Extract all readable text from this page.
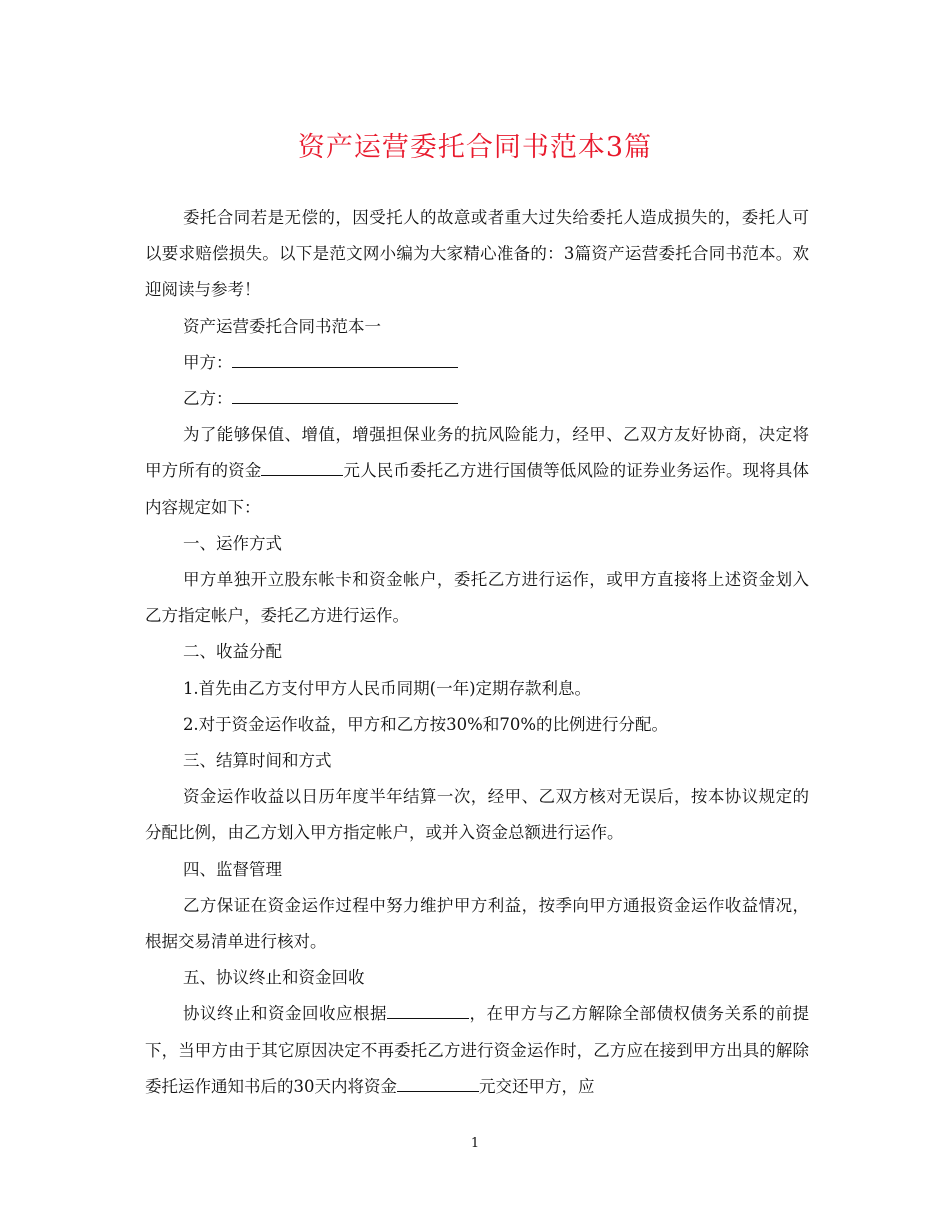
资产运营委托合同书范本3篇

委托合同若是无偿的，因受托人的故意或者重大过失给委托人造成损失的，委托人可以要求赔偿损失。以下是范文网小编为大家精心准备的：3篇资产运营委托合同书范本。欢迎阅读与参考！

资产运营委托合同书范本一

甲方：

乙方：

为了能够保值、增值，增强担保业务的抗风险能力，经甲、乙双方友好协商，决定将甲方所有的资金	元人民币委托乙方进行国债等低风险的证券业务运作。现将具体内容规定如下：

一、运作方式

甲方单独开立股东帐卡和资金帐户，委托乙方进行运作，或甲方直接将上述资金划入乙方指定帐户，委托乙方进行运作。

二、收益分配

1.首先由乙方支付甲方人民币同期(一年)定期存款利息。

2.对于资金运作收益，甲方和乙方按30%和70%的比例进行分配。

三、结算时间和方式

资金运作收益以日历年度半年结算一次，经甲、乙双方核对无误后，按本协议规定的分配比例，由乙方划入甲方指定帐户，或并入资金总额进行运作。

四、监督管理

乙方保证在资金运作过程中努力维护甲方利益，按季向甲方通报资金运作收益情况，根据交易清单进行核对。

五、协议终止和资金回收

协议终止和资金回收应根据	，在甲方与乙方解除全部债权债务关系的前提下，当甲方由于其它原因决定不再委托乙方进行资金运作时，乙方应在接到甲方出具的解除委托运作通知书后的30天内将资金	元交还甲方，应

1
